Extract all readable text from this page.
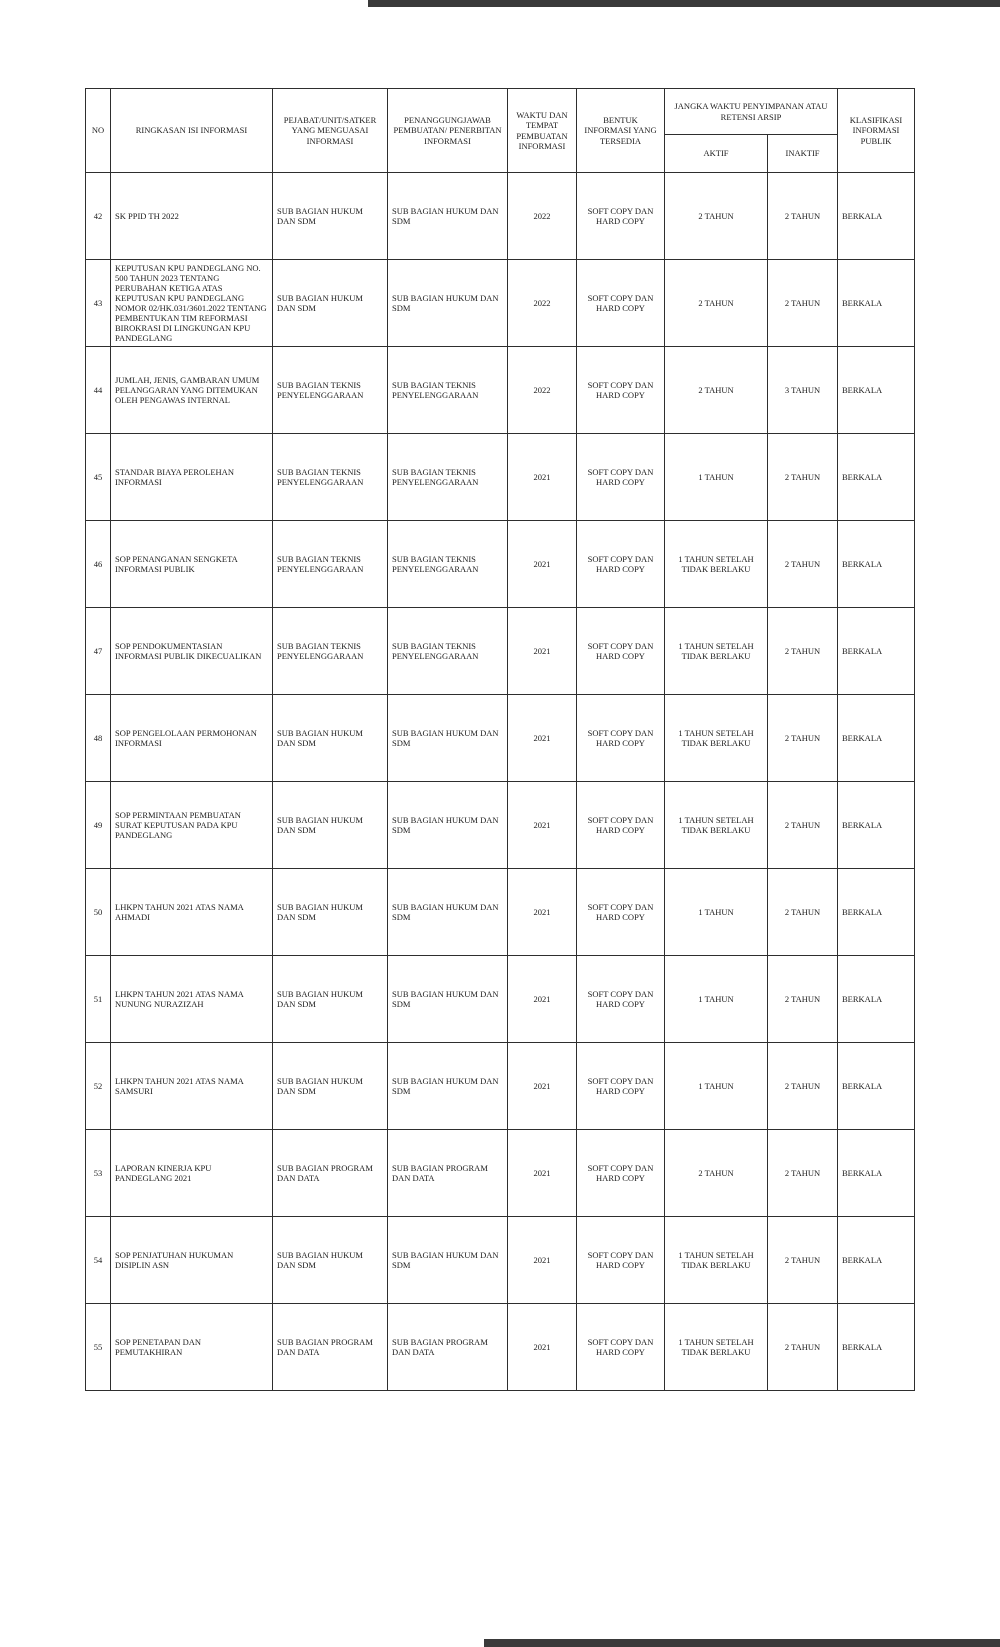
NO	RINGKASAN ISI INFORMASI	PEJABAT/UNIT/SATKER YANG MENGUASAI INFORMASI	PENANGGUNGJAWAB PEMBUATAN/ PENERBITAN INFORMASI	WAKTU DAN TEMPAT PEMBUATAN INFORMASI	BENTUK INFORMASI YANG TERSEDIA	JANGKA WAKTU PENYIMPANAN ATAU RETENSI ARSIP		KLASIFIKASI INFORMASI PUBLIK
						AKTIF	INAKTIF	
42	SK PPID TH 2022	SUB BAGIAN HUKUM DAN SDM	SUB BAGIAN HUKUM DAN SDM	2022	SOFT COPY DAN HARD COPY	2 TAHUN	2 TAHUN	BERKALA
43	KEPUTUSAN KPU PANDEGLANG NO. 500 TAHUN 2023 TENTANG PERUBAHAN KETIGA ATAS KEPUTUSAN KPU PANDEGLANG NOMOR 02/HK.031/3601.2022 TENTANG PEMBENTUKAN TIM REFORMASI BIROKRASI DI LINGKUNGAN KPU PANDEGLANG	SUB BAGIAN HUKUM DAN SDM	SUB BAGIAN HUKUM DAN SDM	2022	SOFT COPY DAN HARD COPY	2 TAHUN	2 TAHUN	BERKALA
44	JUMLAH, JENIS, GAMBARAN UMUM PELANGGARAN YANG DITEMUKAN OLEH PENGAWAS INTERNAL	SUB BAGIAN TEKNIS PENYELENGGARAAN	SUB BAGIAN TEKNIS PENYELENGGARAAN	2022	SOFT COPY DAN HARD COPY	2 TAHUN	3 TAHUN	BERKALA
45	STANDAR BIAYA PEROLEHAN INFORMASI	SUB BAGIAN TEKNIS PENYELENGGARAAN	SUB BAGIAN TEKNIS PENYELENGGARAAN	2021	SOFT COPY DAN HARD COPY	1 TAHUN	2 TAHUN	BERKALA
46	SOP PENANGANAN SENGKETA INFORMASI PUBLIK	SUB BAGIAN TEKNIS PENYELENGGARAAN	SUB BAGIAN TEKNIS PENYELENGGARAAN	2021	SOFT COPY DAN HARD COPY	1 TAHUN SETELAH TIDAK BERLAKU	2 TAHUN	BERKALA
47	SOP PENDOKUMENTASIAN INFORMASI PUBLIK DIKECUALIKAN	SUB BAGIAN TEKNIS PENYELENGGARAAN	SUB BAGIAN TEKNIS PENYELENGGARAAN	2021	SOFT COPY DAN HARD COPY	1 TAHUN SETELAH TIDAK BERLAKU	2 TAHUN	BERKALA
48	SOP PENGELOLAAN PERMOHONAN INFORMASI	SUB BAGIAN HUKUM DAN SDM	SUB BAGIAN HUKUM DAN SDM	2021	SOFT COPY DAN HARD COPY	1 TAHUN SETELAH TIDAK BERLAKU	2 TAHUN	BERKALA
49	SOP PERMINTAAN PEMBUATAN SURAT KEPUTUSAN PADA KPU PANDEGLANG	SUB BAGIAN HUKUM DAN SDM	SUB BAGIAN HUKUM DAN SDM	2021	SOFT COPY DAN HARD COPY	1 TAHUN SETELAH TIDAK BERLAKU	2 TAHUN	BERKALA
50	LHKPN TAHUN 2021 ATAS NAMA AHMADI	SUB BAGIAN HUKUM DAN SDM	SUB BAGIAN HUKUM DAN SDM	2021	SOFT COPY DAN HARD COPY	1 TAHUN	2 TAHUN	BERKALA
51	LHKPN TAHUN 2021 ATAS NAMA NUNUNG NURAZIZAH	SUB BAGIAN HUKUM DAN SDM	SUB BAGIAN HUKUM DAN SDM	2021	SOFT COPY DAN HARD COPY	1 TAHUN	2 TAHUN	BERKALA
52	LHKPN TAHUN 2021 ATAS NAMA SAMSURI	SUB BAGIAN HUKUM DAN SDM	SUB BAGIAN HUKUM DAN SDM	2021	SOFT COPY DAN HARD COPY	1 TAHUN	2 TAHUN	BERKALA
53	LAPORAN KINERJA KPU PANDEGLANG 2021	SUB BAGIAN PROGRAM DAN DATA	SUB BAGIAN PROGRAM DAN DATA	2021	SOFT COPY DAN HARD COPY	2 TAHUN	2 TAHUN	BERKALA
54	SOP PENJATUHAN HUKUMAN DISIPLIN ASN	SUB BAGIAN HUKUM DAN SDM	SUB BAGIAN HUKUM DAN SDM	2021	SOFT COPY DAN HARD COPY	1 TAHUN SETELAH TIDAK BERLAKU	2 TAHUN	BERKALA
55	SOP PENETAPAN DAN PEMUTAKHIRAN	SUB BAGIAN PROGRAM DAN DATA	SUB BAGIAN PROGRAM DAN DATA	2021	SOFT COPY DAN HARD COPY	1 TAHUN SETELAH TIDAK BERLAKU	2 TAHUN	BERKALA
